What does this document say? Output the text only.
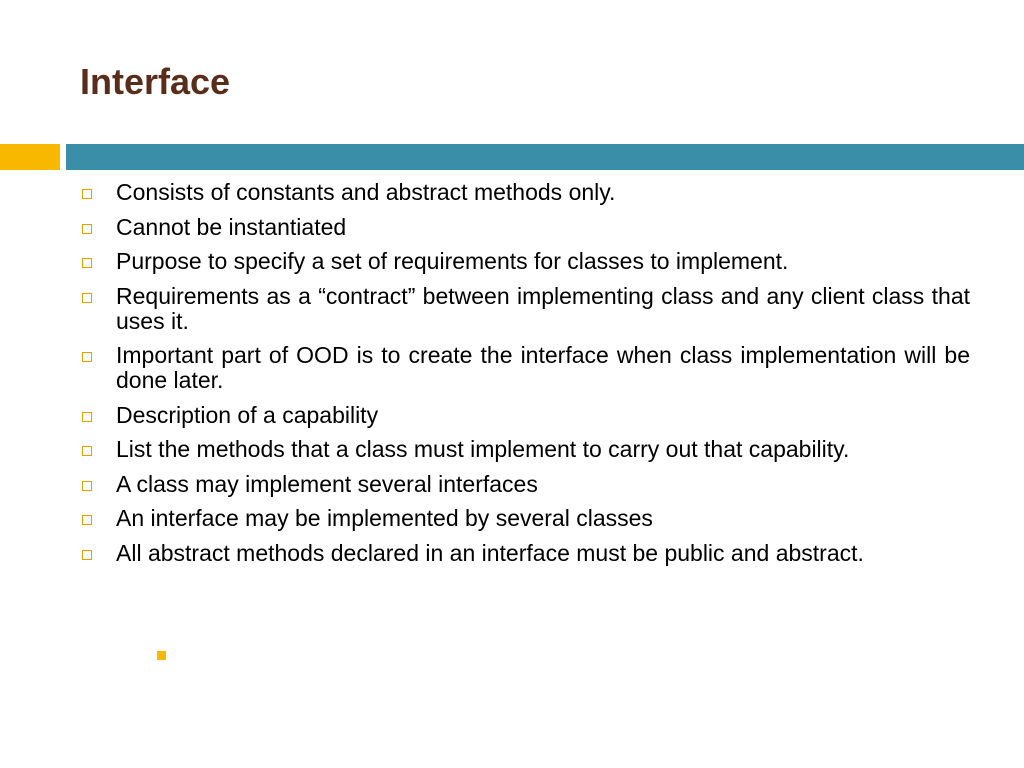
Interface
Consists of constants and abstract methods only.
Cannot be instantiated
Purpose to specify a set of requirements for classes to implement.
Requirements as a “contract” between implementing class and any client class that uses it.
Important part of OOD is to create the interface when class implementation will be done later.
Description of a capability
List the methods that a class must implement to carry out that capability.
A class may implement several interfaces
An interface may be implemented by several classes
All abstract methods declared in an interface must be public and abstract.
